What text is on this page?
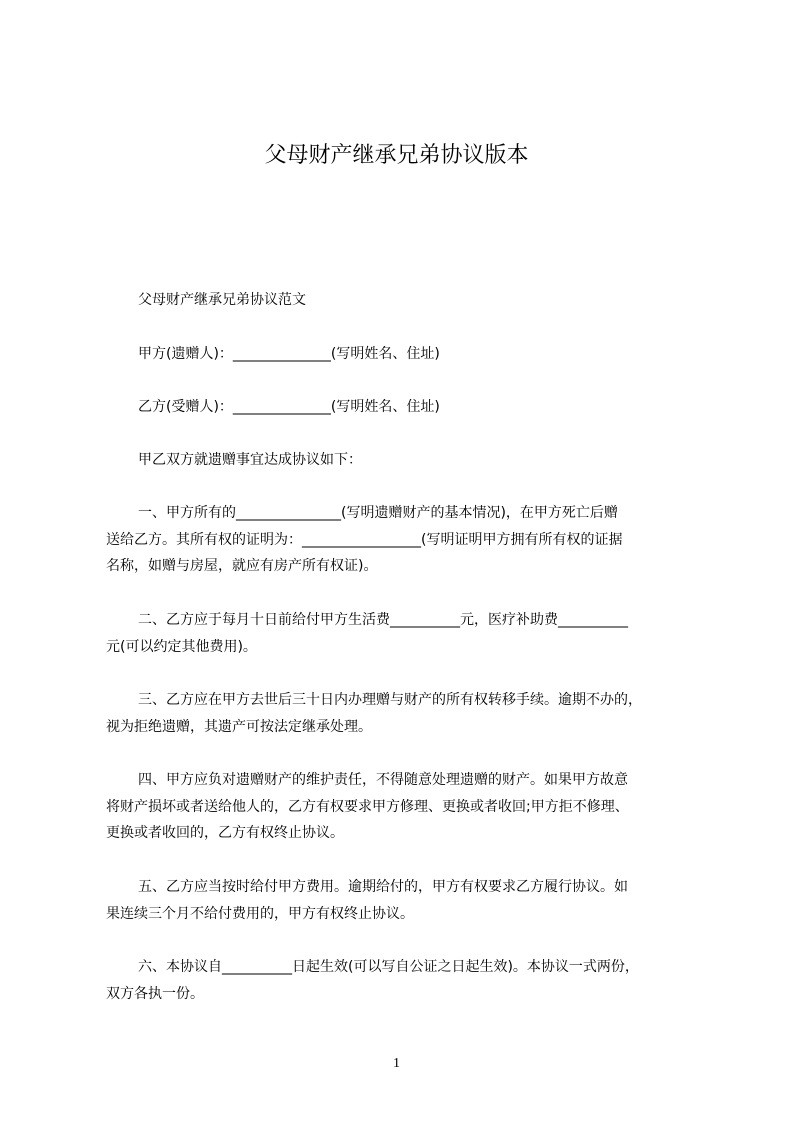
父母财产继承兄弟协议版本

父母财产继承兄弟协议范文

甲方(遗赠人)：______________(写明姓名、住址)

乙方(受赠人)：______________(写明姓名、住址)

甲乙双方就遗赠事宜达成协议如下：

一、甲方所有的_______________(写明遗赠财产的基本情况)，在甲方死亡后赠
送给乙方。其所有权的证明为：_________________(写明证明甲方拥有所有权的证据
名称，如赠与房屋，就应有房产所有权证)。

二、乙方应于每月十日前给付甲方生活费__________元，医疗补助费__________
元(可以约定其他费用)。

三、乙方应在甲方去世后三十日内办理赠与财产的所有权转移手续。逾期不办的，
视为拒绝遗赠，其遗产可按法定继承处理。

四、甲方应负对遗赠财产的维护责任，不得随意处理遗赠的财产。如果甲方故意
将财产损坏或者送给他人的，乙方有权要求甲方修理、更换或者收回;甲方拒不修理、
更换或者收回的，乙方有权终止协议。

五、乙方应当按时给付甲方费用。逾期给付的，甲方有权要求乙方履行协议。如
果连续三个月不给付费用的，甲方有权终止协议。

六、本协议自__________日起生效(可以写自公证之日起生效)。本协议一式两份，
双方各执一份。

1
